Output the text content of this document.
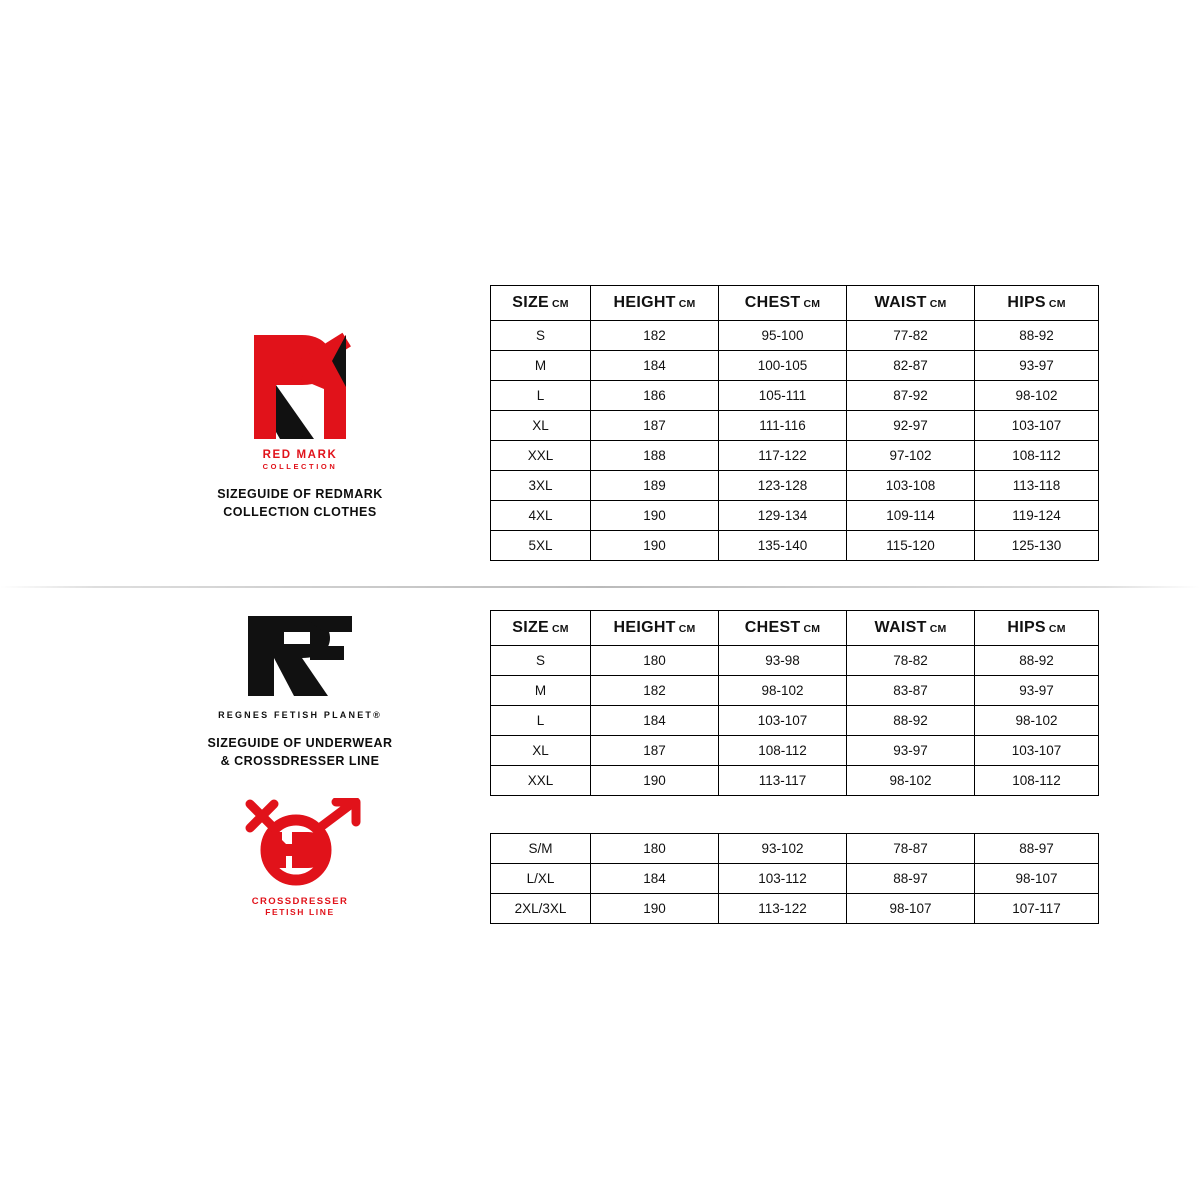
RED MARK
COLLECTION
SIZEGUIDE OF REDMARK
COLLECTION CLOTHES
SIZE CM	HEIGHT CM	CHEST CM	WAIST CM	HIPS CM
S	182	95-100	77-82	88-92
M	184	100-105	82-87	93-97
L	186	105-111	87-92	98-102
XL	187	111-116	92-97	103-107
XXL	188	117-122	97-102	108-112
3XL	189	123-128	103-108	113-118
4XL	190	129-134	109-114	119-124
5XL	190	135-140	115-120	125-130
REGNES FETISH PLANET®
SIZEGUIDE OF UNDERWEAR
& CROSSDRESSER LINE
CROSSDRESSER
FETISH LINE
SIZE CM	HEIGHT CM	CHEST CM	WAIST CM	HIPS CM
S	180	93-98	78-82	88-92
M	182	98-102	83-87	93-97
L	184	103-107	88-92	98-102
XL	187	108-112	93-97	103-107
XXL	190	113-117	98-102	108-112
S/M	180	93-102	78-87	88-97
L/XL	184	103-112	88-97	98-107
2XL/3XL	190	113-122	98-107	107-117
